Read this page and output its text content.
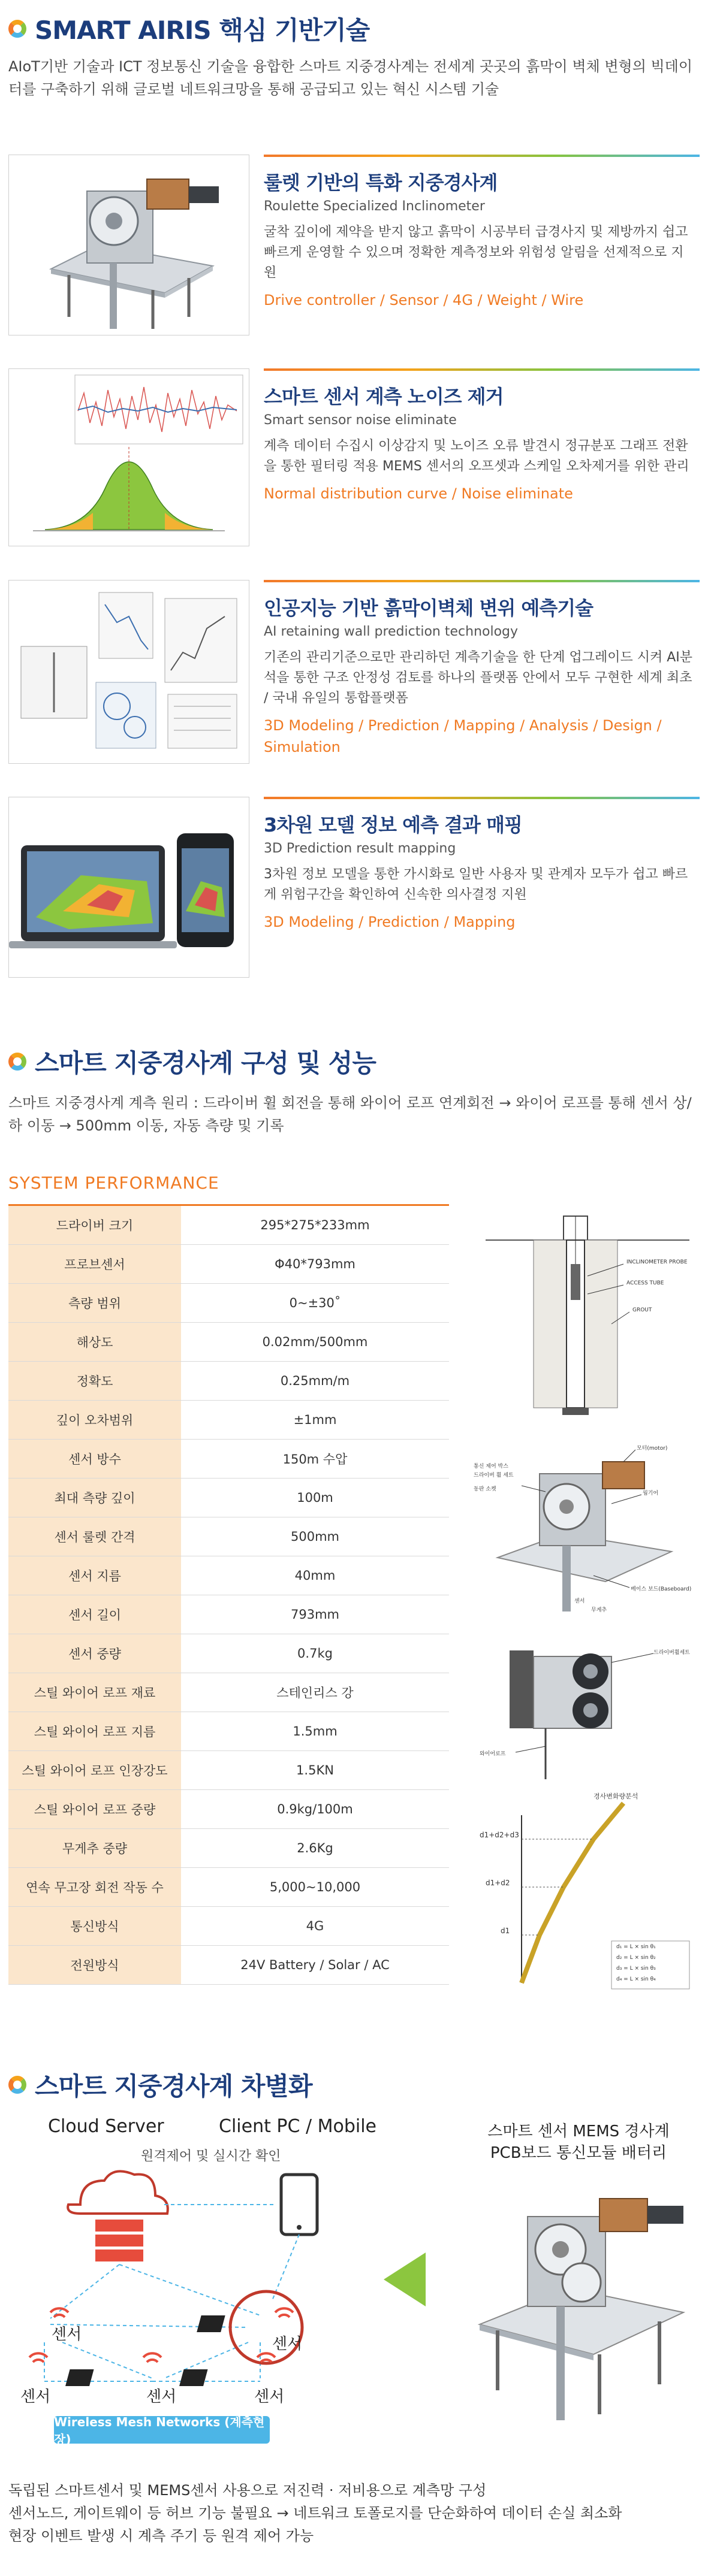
SMART AIRIS 핵심 기반기술
AIoT기반 기술과 ICT 정보통신 기술을 융합한 스마트 지중경사계는 전세계 곳곳의 흙막이 벽체 변형의 빅데이터를 구축하기 위해 글로벌 네트워크망을 통해 공급되고 있는 혁신 시스템 기술
룰렛 기반의 특화 지중경사계
Roulette Specialized Inclinometer
굴착 깊이에 제약을 받지 않고 흙막이 시공부터 급경사지 및 제방까지 쉽고 빠르게 운영할 수 있으며 정확한 계측정보와 위험성 알림을 선제적으로 지원
Drive controller / Sensor / 4G / Weight / Wire
스마트 센서 계측 노이즈 제거
Smart sensor noise eliminate
계측 데이터 수집시 이상감지 및 노이즈 오류 발견시 정규분포 그래프 전환을 통한 필터링 적용 MEMS 센서의 오프셋과 스케일 오차제거를 위한 관리
Normal distribution curve / Noise eliminate
인공지능 기반 흙막이벽체 변위 예측기술
AI retaining wall prediction technology
기존의 관리기준으로만 관리하던 계측기술을 한 단계 업그레이드 시켜 AI분석을 통한 구조 안정성 검토를 하나의 플랫폼 안에서 모두 구현한 세계 최초 / 국내 유일의 통합플랫폼
3D Modeling / Prediction / Mapping / Analysis / Design / Simulation
3차원 모델 정보 예측 결과 매핑
3D Prediction result mapping
3차원 정보 모델을 통한 가시화로 일반 사용자 및 관계자 모두가 쉽고 빠르게 위험구간을 확인하여 신속한 의사결정 지원
3D Modeling / Prediction / Mapping
스마트 지중경사계 구성 및 성능
스마트 지중경사계 계측 원리 : 드라이버 휠 회전을 통해 와이어 로프 연계회전 → 와이어 로프를 통해 센서 상/하 이동 → 500mm 이동, 자동 측량 및 기록
SYSTEM PERFORMANCE
드라이버 크기	295*275*233mm
프로브센서	Φ40*793mm
측량 범위	0~±30˚
해상도	0.02mm/500mm
정확도	0.25mm/m
깊이 오차범위	±1mm
센서 방수	150m 수압
최대 측량 깊이	100m
센서 룰렛 간격	500mm
센서 지름	40mm
센서 길이	793mm
센서 중량	0.7kg
스틸 와이어 로프 재료	스테인리스 강
스틸 와이어 로프 지름	1.5mm
스틸 와이어 로프 인장강도	1.5KN
스틸 와이어 로프 중량	0.9kg/100m
무게추 중량	2.6Kg
연속 무고장 회전 작동 수	5,000~10,000
통신방식	4G
전원방식	24V Battery / Solar / AC
INCLINOMETER PROBE
ACCESS TUBE
GROUT
모터(motor)
웜기어
통신 제어 박스
드라이버 휠 세트
동판 소켓
베이스 보드(Baseboard)
센서
무게추
드라이버휠세트
와이어로프
경사변화량분석
d1+d2+d3
d1+d2
d1
d₁ = L × sin θ₁
d₂ = L × sin θ₂
d₃ = L × sin θ₃
d₄ = L × sin θ₄
스마트 지중경사계 차별화
Cloud Server	Client PC / Mobile
원격제어 및 실시간 확인
센서
센서
센서	센서	센서
Wireless Mesh Networks (계측현장)
스마트 센서 MEMS 경사계
PCB보드 통신모듈 배터리
독립된 스마트센서 및 MEMS센서 사용으로 저진력 · 저비용으로 계측망 구성
센서노드, 게이트웨이 등 허브 기능 불필요 → 네트워크 토폴로지를 단순화하여 데이터 손실 최소화
현장 이벤트 발생 시 계측 주기 등 원격 제어 가능
